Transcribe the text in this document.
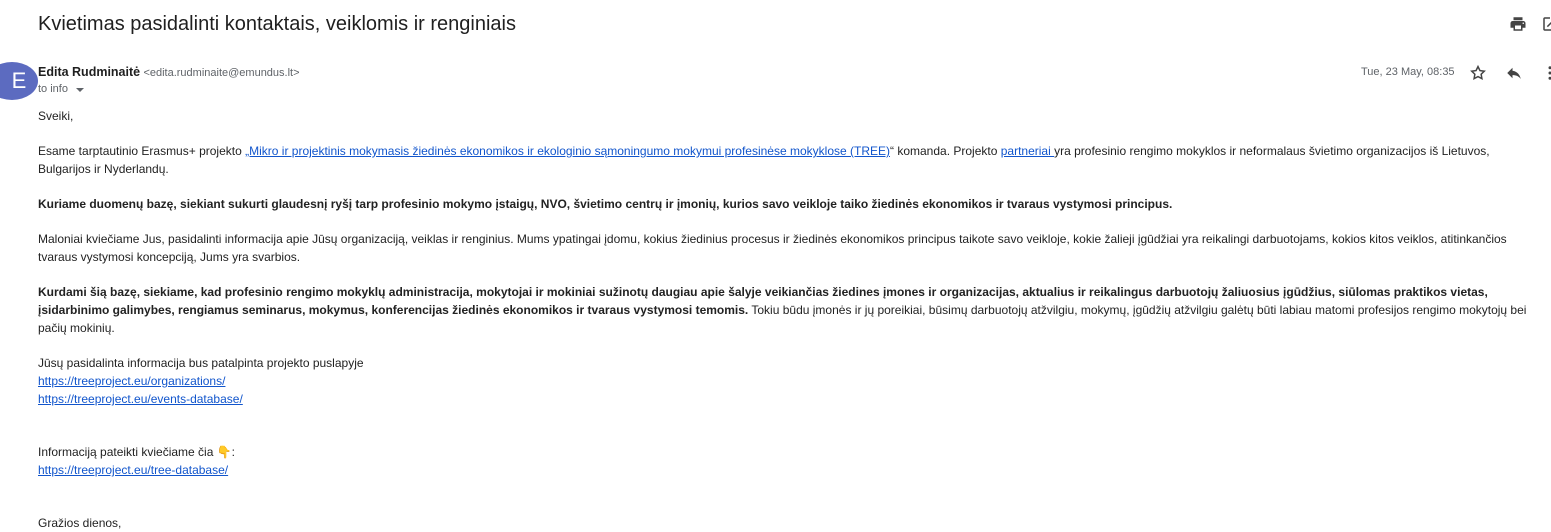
Kvietimas pasidalinti kontaktais, veiklomis ir renginiais
E Edita Rudminaitė <edita.rudminaite@emundus.lt>
to info
Tue, 23 May, 08:35

Sveiki,

Esame tarptautinio Erasmus+ projekto „Mikro ir projektinis mokymasis žiedinės ekonomikos ir ekologinio sąmoningumo mokymui profesinėse mokyklose (TREE)“ komanda. Projekto partneriai yra profesinio rengimo mokyklos ir neformalaus švietimo organizacijos iš Lietuvos, Bulgarijos ir Nyderlandų.

Kuriame duomenų bazę, siekiant sukurti glaudesnį ryšį tarp profesinio mokymo įstaigų, NVO, švietimo centrų ir įmonių, kurios savo veikloje taiko žiedinės ekonomikos ir tvaraus vystymosi principus.

Maloniai kviečiame Jus, pasidalinti informacija apie Jūsų organizaciją, veiklas ir renginius. Mums ypatingai įdomu, kokius žiedinius procesus ir žiedinės ekonomikos principus taikote savo veikloje, kokie žalieji įgūdžiai yra reikalingi darbuotojams, kokios kitos veiklos, atitinkančios tvaraus vystymosi koncepciją, Jums yra svarbios.

Kurdami šią bazę, siekiame, kad profesinio rengimo mokyklų administracija, mokytojai ir mokiniai sužinotų daugiau apie šalyje veikiančias žiedines įmones ir organizacijas, aktualius ir reikalingus darbuotojų žaliuosius įgūdžius, siūlomas praktikos vietas, įsidarbinimo galimybes, rengiamus seminarus, mokymus, konferencijas žiedinės ekonomikos ir tvaraus vystymosi temomis. Tokiu būdu įmonės ir jų poreikiai, būsimų darbuotojų atžvilgiu, mokymų, įgūdžių atžvilgiu galėtų būti labiau matomi profesijos rengimo mokytojų bei pačių mokinių.

Jūsų pasidalinta informacija bus patalpinta projekto puslapyje

https://treeproject.eu/organizations/

https://treeproject.eu/events-database/

Informaciją pateikti kviečiame čia 👇:

https://treeproject.eu/tree-database/

Gražios dienos,
